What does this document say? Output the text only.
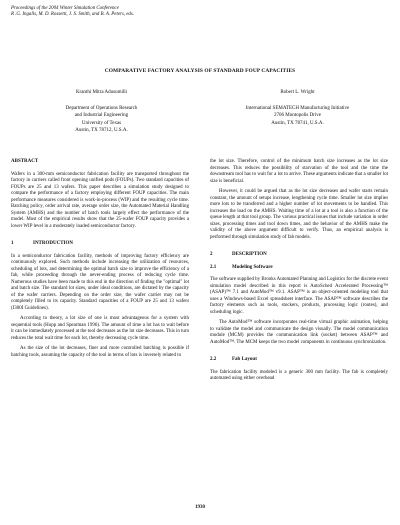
Proceedings of the 2004 Winter Simulation Conference
R .G. Ingalls, M. D. Rossetti, J. S. Smith, and B. A. Peters, eds.
COMPARATIVE FACTORY ANALYSIS OF STANDARD FOUP CAPACITIES
Kranthi Mitra Adusumilli
Department of Operations Research
and Industrial Engineering
University of Texas
Austin, TX 78712, U.S.A.
Robert L. Wright
International SEMATECH Manufacturing Initiative
2706 Montopolis Drive
Austin, TX 78741, U.S.A.
ABSTRACT

Wafers in a 300-mm semiconductor fabrication facility are transported throughout the factory in carriers called front opening unified pods (FOUPs). Two standard capacities of FOUPs are 25 and 13 wafers. This paper describes a simulation study designed to compare the performance of a factory employing different FOUP capacities. The main performance measures considered is work-in-process (WIP) and the resulting cycle time. Batching policy, order arrival rate, average order size, the Automated Material Handling System (AMHS) and the number of batch tools largely effect the performance of the model. Most of the empirical results show that the 25-wafer FOUP capacity provides a lower WIP level in a moderately loaded semiconductor factory.

1	INTRODUCTION

In a semiconductor fabrication facility, methods of improving factory efficiency are continuously explored. Such methods include increasing the utilization of resources, scheduling of lots, and determining the optimal batch size to improve the efficiency of a fab, while proceeding through the never-ending process of reducing cycle time. Numerous studies have been made to this end in the direction of finding the "optimal" lot and batch size. The standard lot sizes, under ideal conditions, are dictated by the capacity of the wafer carriers. Depending on the order size, the wafer carrier may not be completely filled to its capacity. Standard capacities of a FOUP are 25 and 13 wafers (I300I Guidelines).

According to theory, a lot size of one is most advantageous for a system with sequential tools (Hopp and Spearman 1996). The amount of time a lot has to wait before it can be immediately processed at the tool decreases as the lot size decreases. This in turn reduces the total wait time for each lot, thereby decreasing cycle time.

As the size of the lot decreases, finer and more controlled batching is possible if batching tools, assuming the capacity of the tool in terms of lots is inversely related to

the lot size. Therefore, control of the minimum batch size increases as the lot size decreases. This reduces the possibility of starvation of the tool and the time the downstream tool has to wait for a lot to arrive. These arguments indicate that a smaller lot size is beneficial.

However, it could be argued that as the lot size decreases and wafer starts remain constant, the amount of setups increase, lengthening cycle time. Smaller lot size implies more lots to be transferred and a higher number of lot movements to be handled. This increases the load on the AMHS. Waiting time of a lot at a tool is also a function of the queue length at that tool group. The various practical issues that include variation in order sizes, processing times and tool down times, and the behavior of the AMHS make the validity of the above argument difficult to verify. Thus, an empirical analysis is performed through simulation study of fab models.

2	DESCRIPTION
2.1	Modeling Software

The software supplied by Brooks Automated Planning and Logistics for the discrete event simulation model described in this report is AutoSched Accelerated Processing™ (ASAP)™ 7.1 and AutoMod™ v9.1. ASAP™ is an object-oriented modeling tool that uses a Windows-based Excel spreadsheet interface. The ASAP™ software describes the factory elements such as tools, stockers, products, processing logic (routes), and scheduling logic.

The AutoMod™ software incorporates real-time virtual graphic animation, helping to validate the model and communicate the design visually. The model communication module (MCM) provides the communication link (socket) between ASAP™ and AutoMod™. The MCM keeps the two model components in continuous synchronization.

2.2	Fab Layout

The fabrication facility modeled is a generic 300 mm facility. The fab is completely automated using either overhead

1930
